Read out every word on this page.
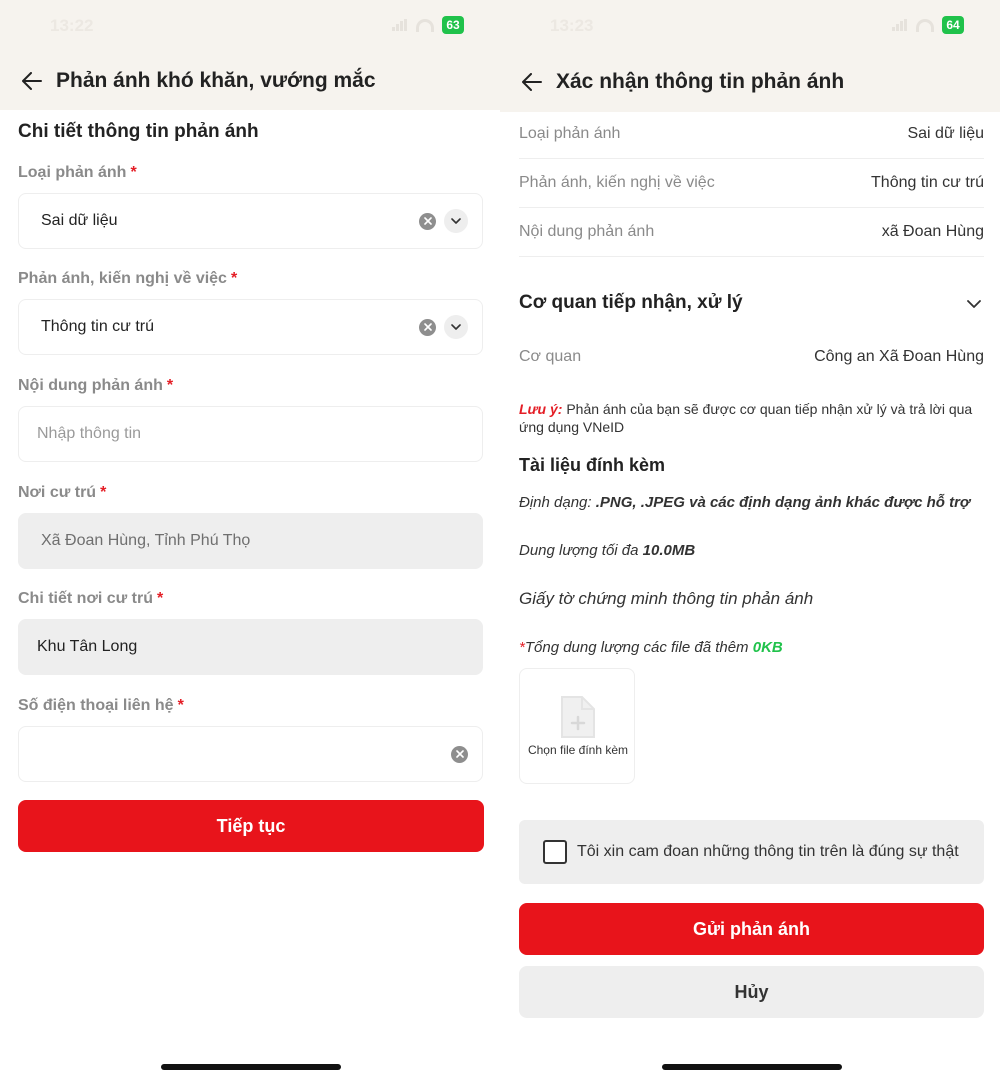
13:22	63
Phản ánh khó khăn, vướng mắc
Chi tiết thông tin phản ánh
Loại phản ánh *
Sai dữ liệu
Phản ánh, kiến nghị về việc *
Thông tin cư trú
Nội dung phản ánh *
Nhập thông tin
Nơi cư trú *
Xã Đoan Hùng, Tỉnh Phú Thọ
Chi tiết nơi cư trú *
Khu Tân Long
Số điện thoại liên hệ *
Tiếp tục
13:23	64
Xác nhận thông tin phản ánh
Loại phản ánh	Sai dữ liệu
Phản ánh, kiến nghị về việc	Thông tin cư trú
Nội dung phản ánh	xã Đoan Hùng
Cơ quan tiếp nhận, xử lý
Cơ quan	Công an Xã Đoan Hùng
Lưu ý: Phản ánh của bạn sẽ được cơ quan tiếp nhận xử lý và trả lời qua ứng dụng VNeID
Tài liệu đính kèm
Định dạng: .PNG, .JPEG và các định dạng ảnh khác được hỗ trợ
Dung lượng tối đa 10.0MB
Giấy tờ chứng minh thông tin phản ánh
*Tổng dung lượng các file đã thêm 0KB
Chọn file đính kèm
Tôi xin cam đoan những thông tin trên là đúng sự thật
Gửi phản ánh
Hủy
